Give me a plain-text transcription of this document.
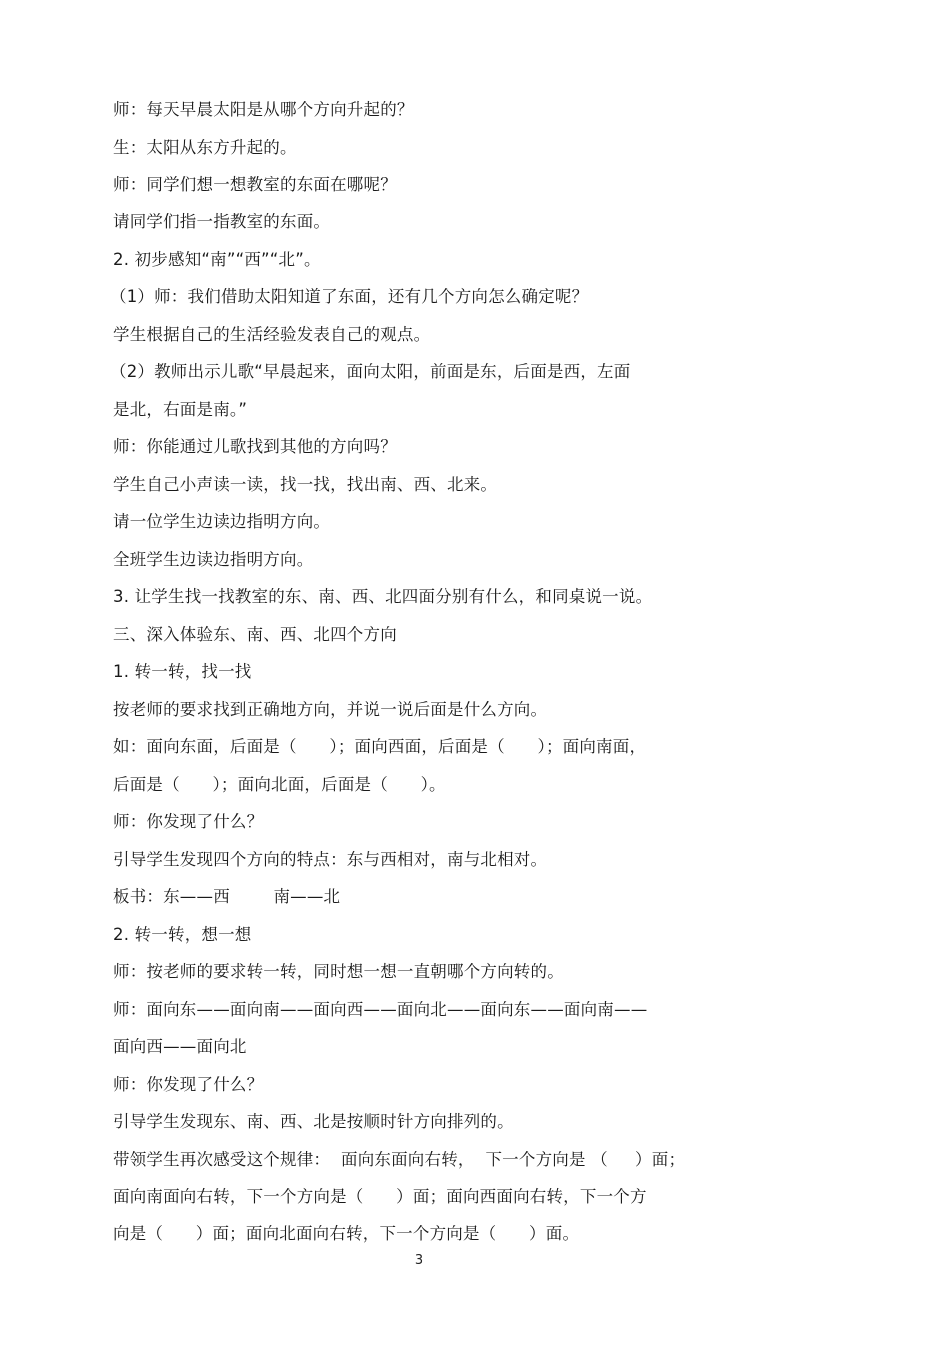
师：每天早晨太阳是从哪个方向升起的？
生：太阳从东方升起的。
师：同学们想一想教室的东面在哪呢？
请同学们指一指教室的东面。
2. 初步感知“南”“西”“北”。
（1）师：我们借助太阳知道了东面，还有几个方向怎么确定呢？
学生根据自己的生活经验发表自己的观点。
（2）教师出示儿歌“早晨起来，面向太阳，前面是东，后面是西，左面
是北，右面是南。”
师：你能通过儿歌找到其他的方向吗？
学生自己小声读一读，找一找，找出南、西、北来。
请一位学生边读边指明方向。
全班学生边读边指明方向。
3. 让学生找一找教室的东、南、西、北四面分别有什么，和同桌说一说。
三、深入体验东、南、西、北四个方向
1. 转一转，找一找
按老师的要求找到正确地方向，并说一说后面是什么方向。
如：面向东面，后面是（      ）；面向西面，后面是（      ）；面向南面，
后面是（      ）；面向北面，后面是（      ）。
师：你发现了什么？
引导学生发现四个方向的特点：东与西相对，南与北相对。
板书：东——西        南——北
2. 转一转，想一想
师：按老师的要求转一转，同时想一想一直朝哪个方向转的。
师：面向东——面向南——面向西——面向北——面向东——面向南——
面向西——面向北
师：你发现了什么？
引导学生发现东、南、西、北是按顺时针方向排列的。
带领学生再次感受这个规律：  面向东面向右转，  下一个方向是 （     ）面；
面向南面向右转，下一个方向是（      ）面；面向西面向右转，下一个方
向是（      ）面；面向北面向右转，下一个方向是（      ）面。
3
